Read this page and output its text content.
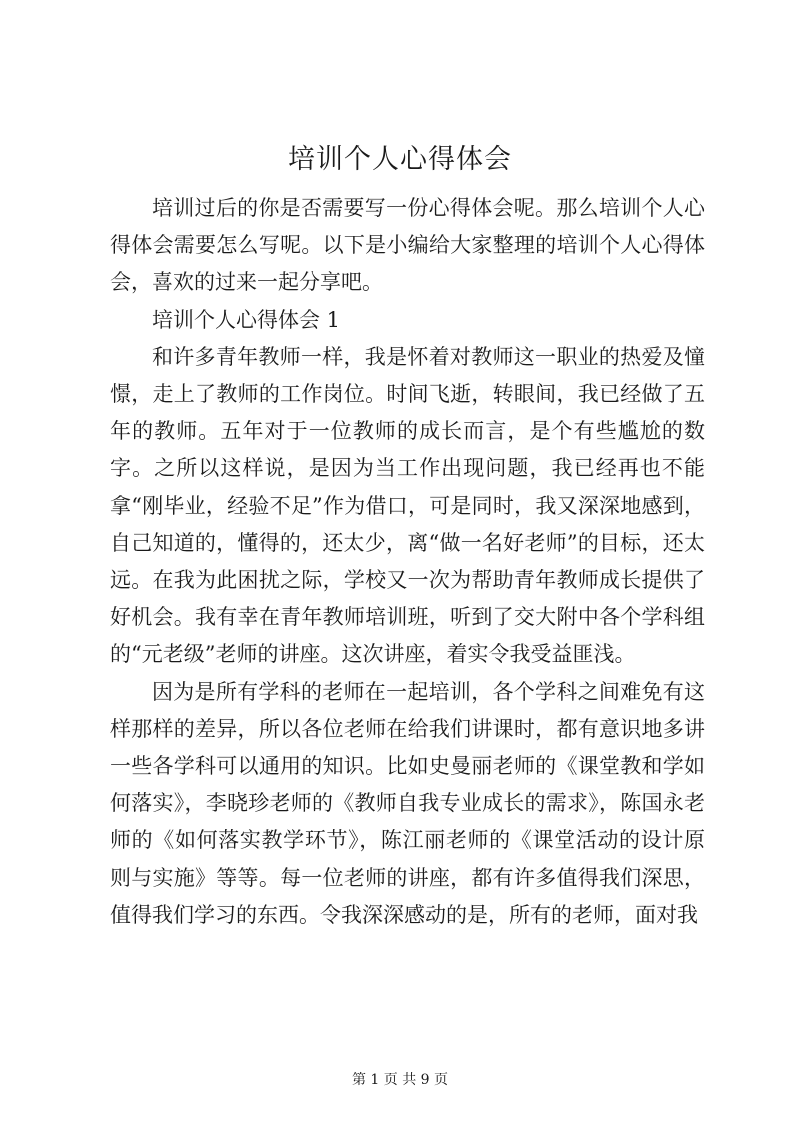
培训个人心得体会

培训过后的你是否需要写一份心得体会呢。那么培训个人心得体会需要怎么写呢。以下是小编给大家整理的培训个人心得体会，喜欢的过来一起分享吧。

培训个人心得体会 1

和许多青年教师一样，我是怀着对教师这一职业的热爱及憧憬，走上了教师的工作岗位。时间飞逝，转眼间，我已经做了五年的教师。五年对于一位教师的成长而言，是个有些尴尬的数字。之所以这样说，是因为当工作出现问题，我已经再也不能拿“刚毕业，经验不足”作为借口，可是同时，我又深深地感到，自己知道的，懂得的，还太少，离“做一名好老师”的目标，还太远。在我为此困扰之际，学校又一次为帮助青年教师成长提供了好机会。我有幸在青年教师培训班，听到了交大附中各个学科组的“元老级”老师的讲座。这次讲座，着实令我受益匪浅。

因为是所有学科的老师在一起培训，各个学科之间难免有这样那样的差异，所以各位老师在给我们讲课时，都有意识地多讲一些各学科可以通用的知识。比如史曼丽老师的《课堂教和学如何落实》，李晓珍老师的《教师自我专业成长的需求》，陈国永老师的《如何落实教学环节》，陈江丽老师的《课堂活动的设计原则与实施》等等。每一位老师的讲座，都有许多值得我们深思，值得我们学习的东西。令我深深感动的是，所有的老师，面对我

第 1 页 共 9 页
